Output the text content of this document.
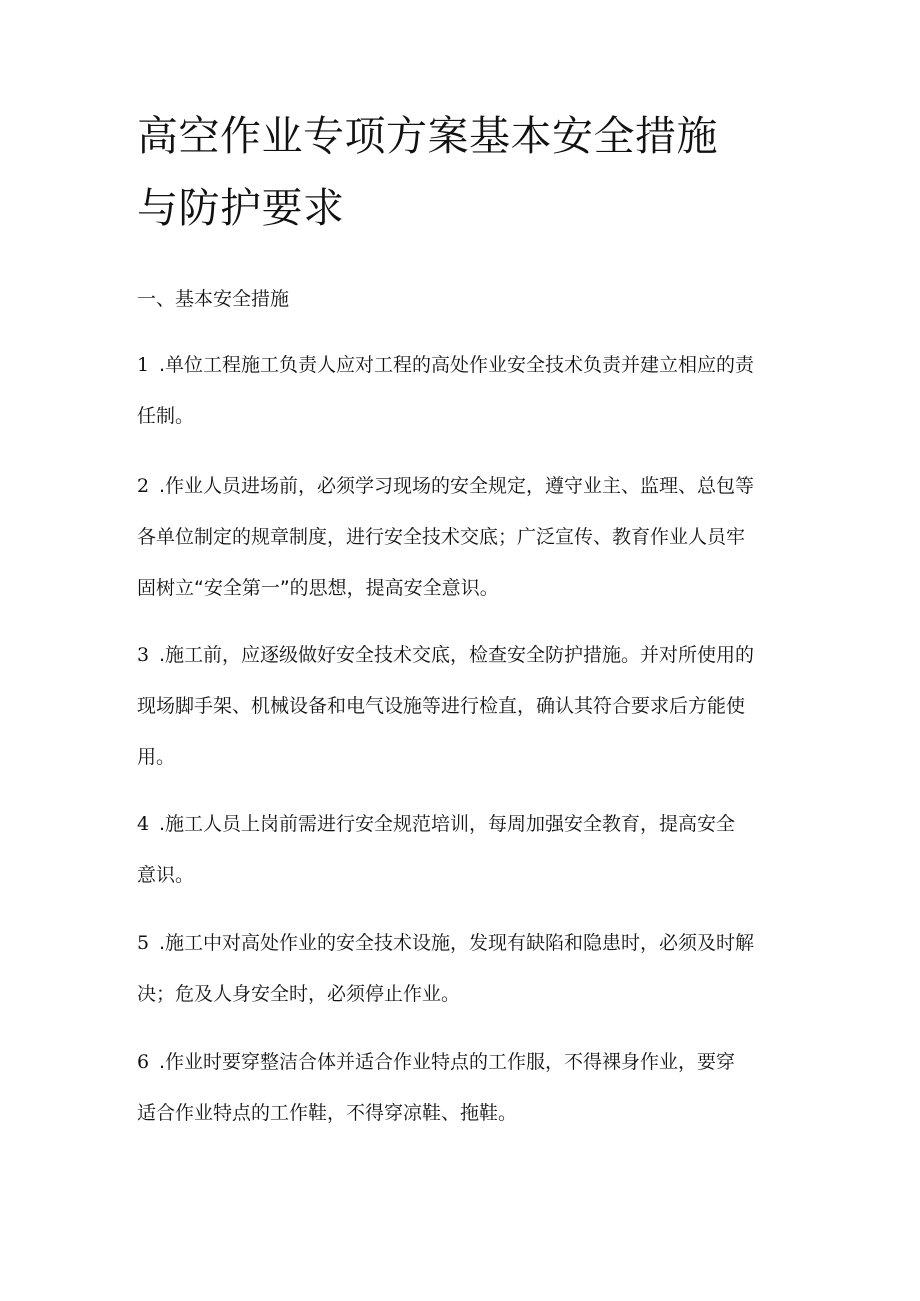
高空作业专项方案基本安全措施
与防护要求
一、基本安全措施
1 .单位工程施工负责人应对工程的高处作业安全技术负责并建立相应的责
任制。
2 .作业人员进场前，必须学习现场的安全规定，遵守业主、监理、总包等
各单位制定的规章制度，进行安全技术交底；广泛宣传、教育作业人员牢
固树立“安全第一”的思想，提高安全意识。
3 .施工前，应逐级做好安全技术交底，检查安全防护措施。并对所使用的
现场脚手架、机械设备和电气设施等进行检直，确认其符合要求后方能使
用。
4 .施工人员上岗前需进行安全规范培训，每周加强安全教育，提高安全
意识。
5 .施工中对高处作业的安全技术设施，发现有缺陷和隐患时，必须及时解
决；危及人身安全时，必须停止作业。
6 .作业时要穿整洁合体并适合作业特点的工作服，不得裸身作业，要穿
适合作业特点的工作鞋，不得穿凉鞋、拖鞋。
